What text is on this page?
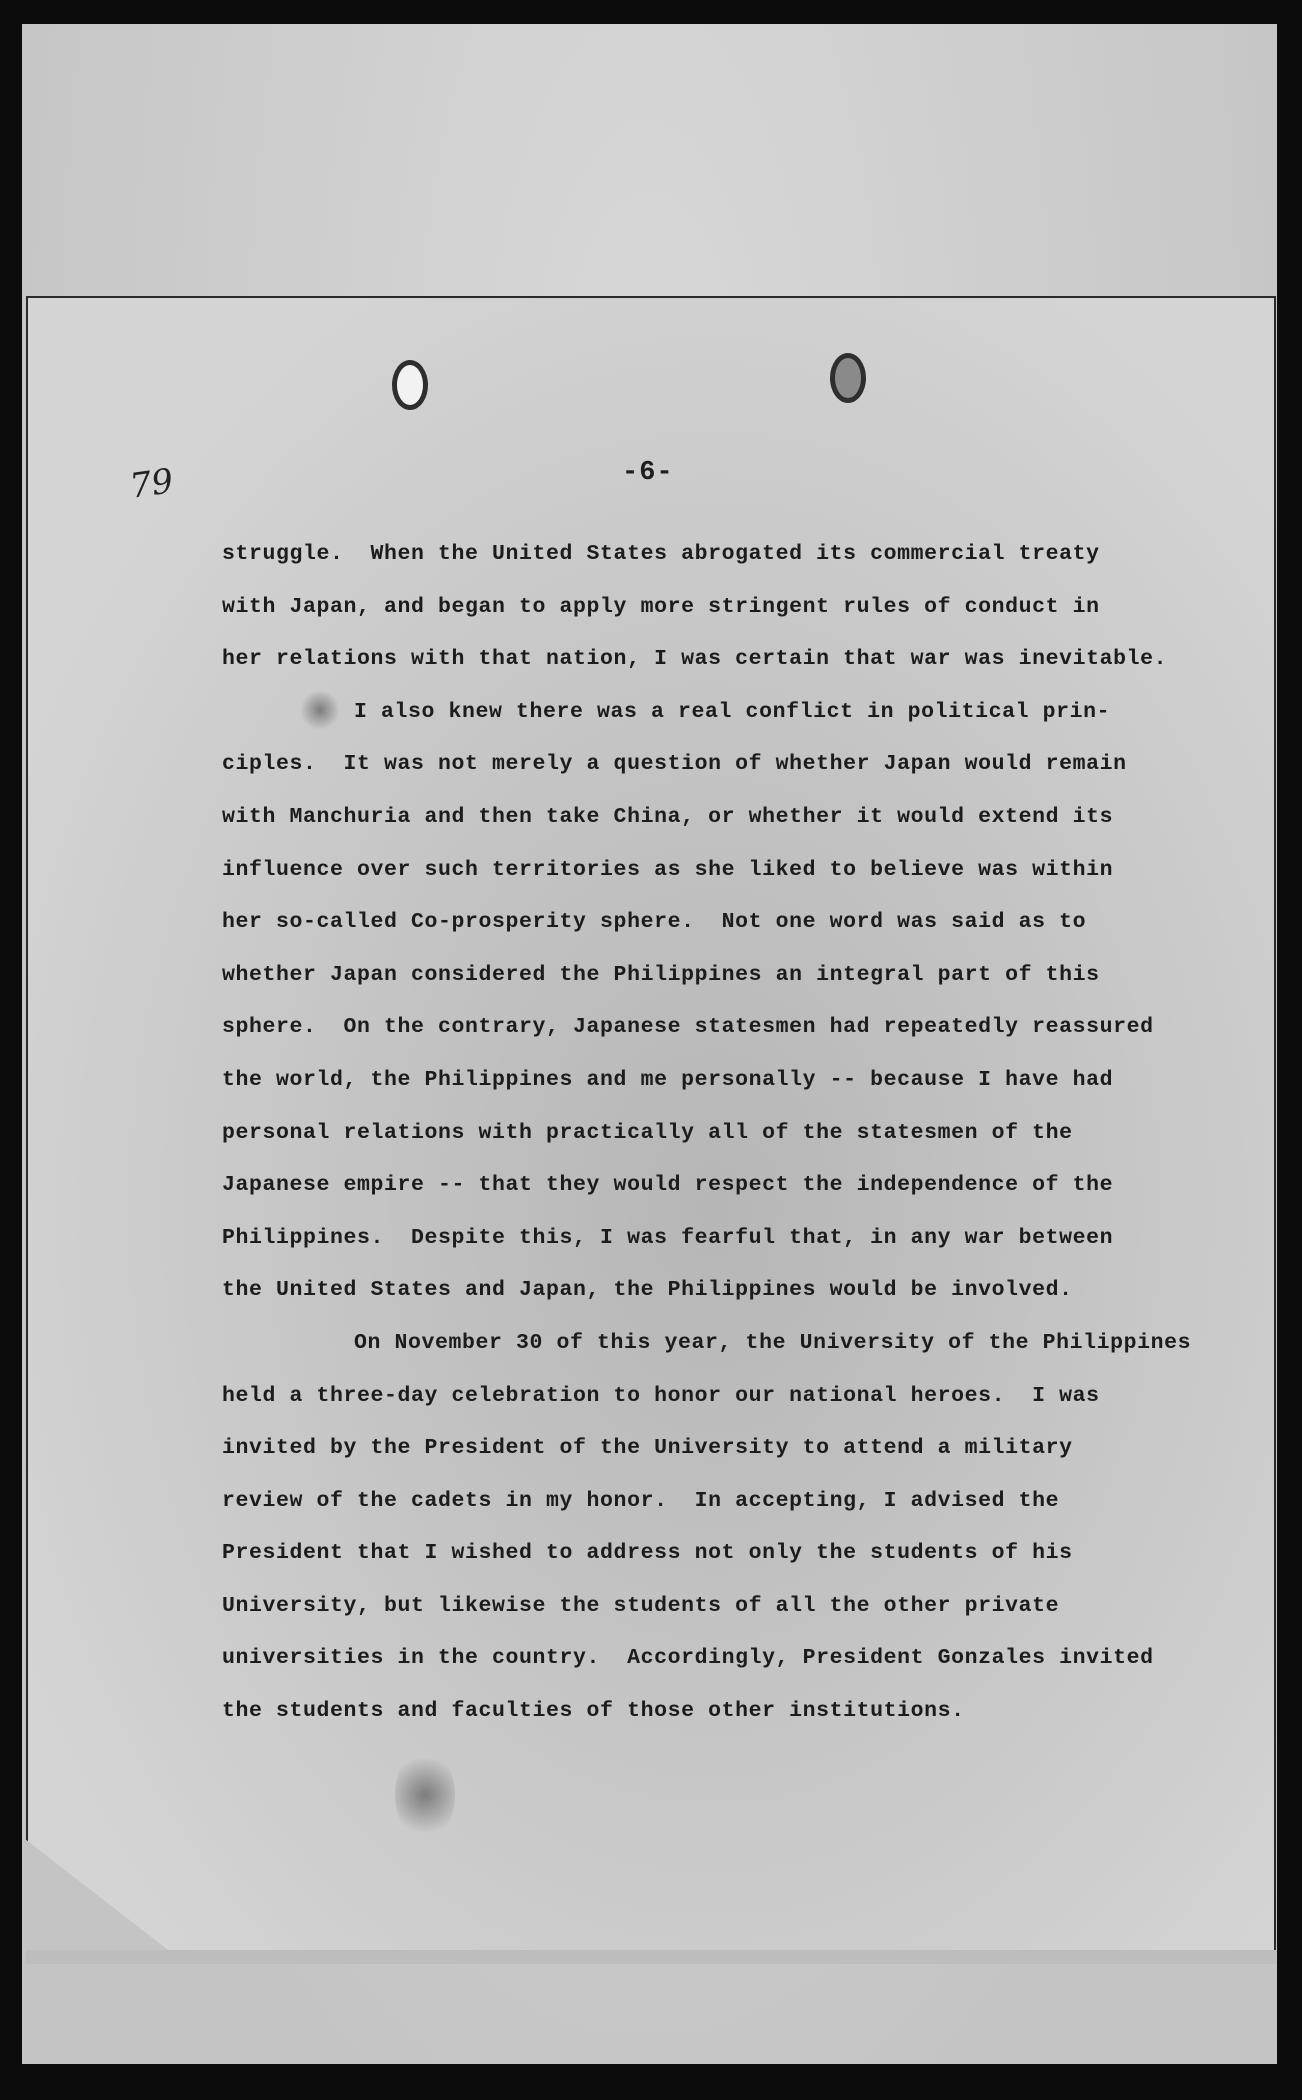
79	-6-
struggle.  When the United States abrogated its commercial treaty
with Japan, and began to apply more stringent rules of conduct in
her relations with that nation, I was certain that war was inevitable.
I also knew there was a real conflict in political prin-
ciples.  It was not merely a question of whether Japan would remain
with Manchuria and then take China, or whether it would extend its
influence over such territories as she liked to believe was within
her so-called Co-prosperity sphere.  Not one word was said as to
whether Japan considered the Philippines an integral part of this
sphere.  On the contrary, Japanese statesmen had repeatedly reassured
the world, the Philippines and me personally -- because I have had
personal relations with practically all of the statesmen of the
Japanese empire -- that they would respect the independence of the
Philippines.  Despite this, I was fearful that, in any war between
the United States and Japan, the Philippines would be involved.
On November 30 of this year, the University of the Philippines
held a three-day celebration to honor our national heroes.  I was
invited by the President of the University to attend a military
review of the cadets in my honor.  In accepting, I advised the
President that I wished to address not only the students of his
University, but likewise the students of all the other private
universities in the country.  Accordingly, President Gonzales invited
the students and faculties of those other institutions.
